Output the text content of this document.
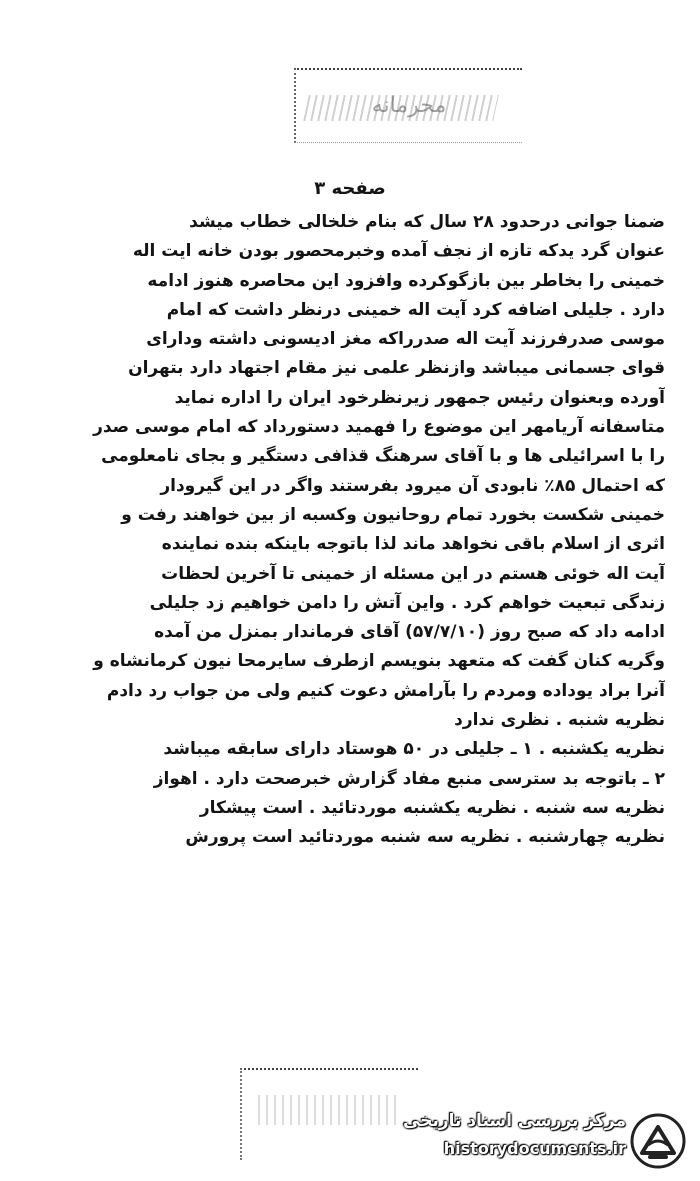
محرمانه
صفحه ۳
ضمنا جوانی درحدود ۲۸ سال که بنام خلخالی خطاب میشد
عنوان گرد یدکه تازه از نجف آمده وخبرمحصور بودن خانه ایت اله
خمینی را بخاطر بین بازگوکرده وافزود این محاصره هنوز ادامه
دارد . جلیلی اضافه کرد آیت اله خمینی درنظر داشت که امام
موسی صدرفرزند آیت اله صدرراکه مغز ادیسونی داشته ودارای
قوای جسمانی میباشد وازنظر علمی نیز مقام اجتهاد دارد بتهران
آورده وبعنوان رئیس جمهور زیرنظرخود ایران را اداره نماید
متاسفانه آریامهر این موضوع را فهمید دستورداد که امام موسی صدر
را با اسرائیلی ها و با آقای سرهنگ قذافی دستگیر و بجای نامعلومی
که احتمال ۸۵٪ نابودی آن میرود بفرستند واگر در این گیرودار
خمینی شکست بخورد تمام روحانیون وکسبه از بین خواهند رفت و
اثری از اسلام باقی نخواهد ماند لذا باتوجه باینکه بنده نماینده
آیت اله خوئی هستم در این مسئله از خمینی تا آخرین لحظات
زندگی تبعیت خواهم کرد . واین آتش را دامن خواهیم زد جلیلی
ادامه داد که صبح روز (۵۷/۷/۱۰) آقای فرماندار بمنزل من آمده
وگریه کنان گفت که متعهد بنویسم ازطرف سایرمحا نیون کرمانشاه و
آنرا براد یوداده ومردم را بآرامش دعوت کنیم ولی من جواب رد دادم
نظریه شنبه . نظری ندارد
نظریه یکشنبه . ۱ ـ جلیلی در ۵۰ هوستاد دارای سابقه میباشد
۲ ـ باتوجه بد سترسی منبع مفاد گزارش خبرصحت دارد . اهواز
نظریه سه شنبه . نظریه یکشنبه موردتائید . است پیشکار
نظریه چهارشنبه . نظریه سه شنبه موردتائید است پرورش
مرکز بررسی اسناد تاریخی
historydocuments.ir
